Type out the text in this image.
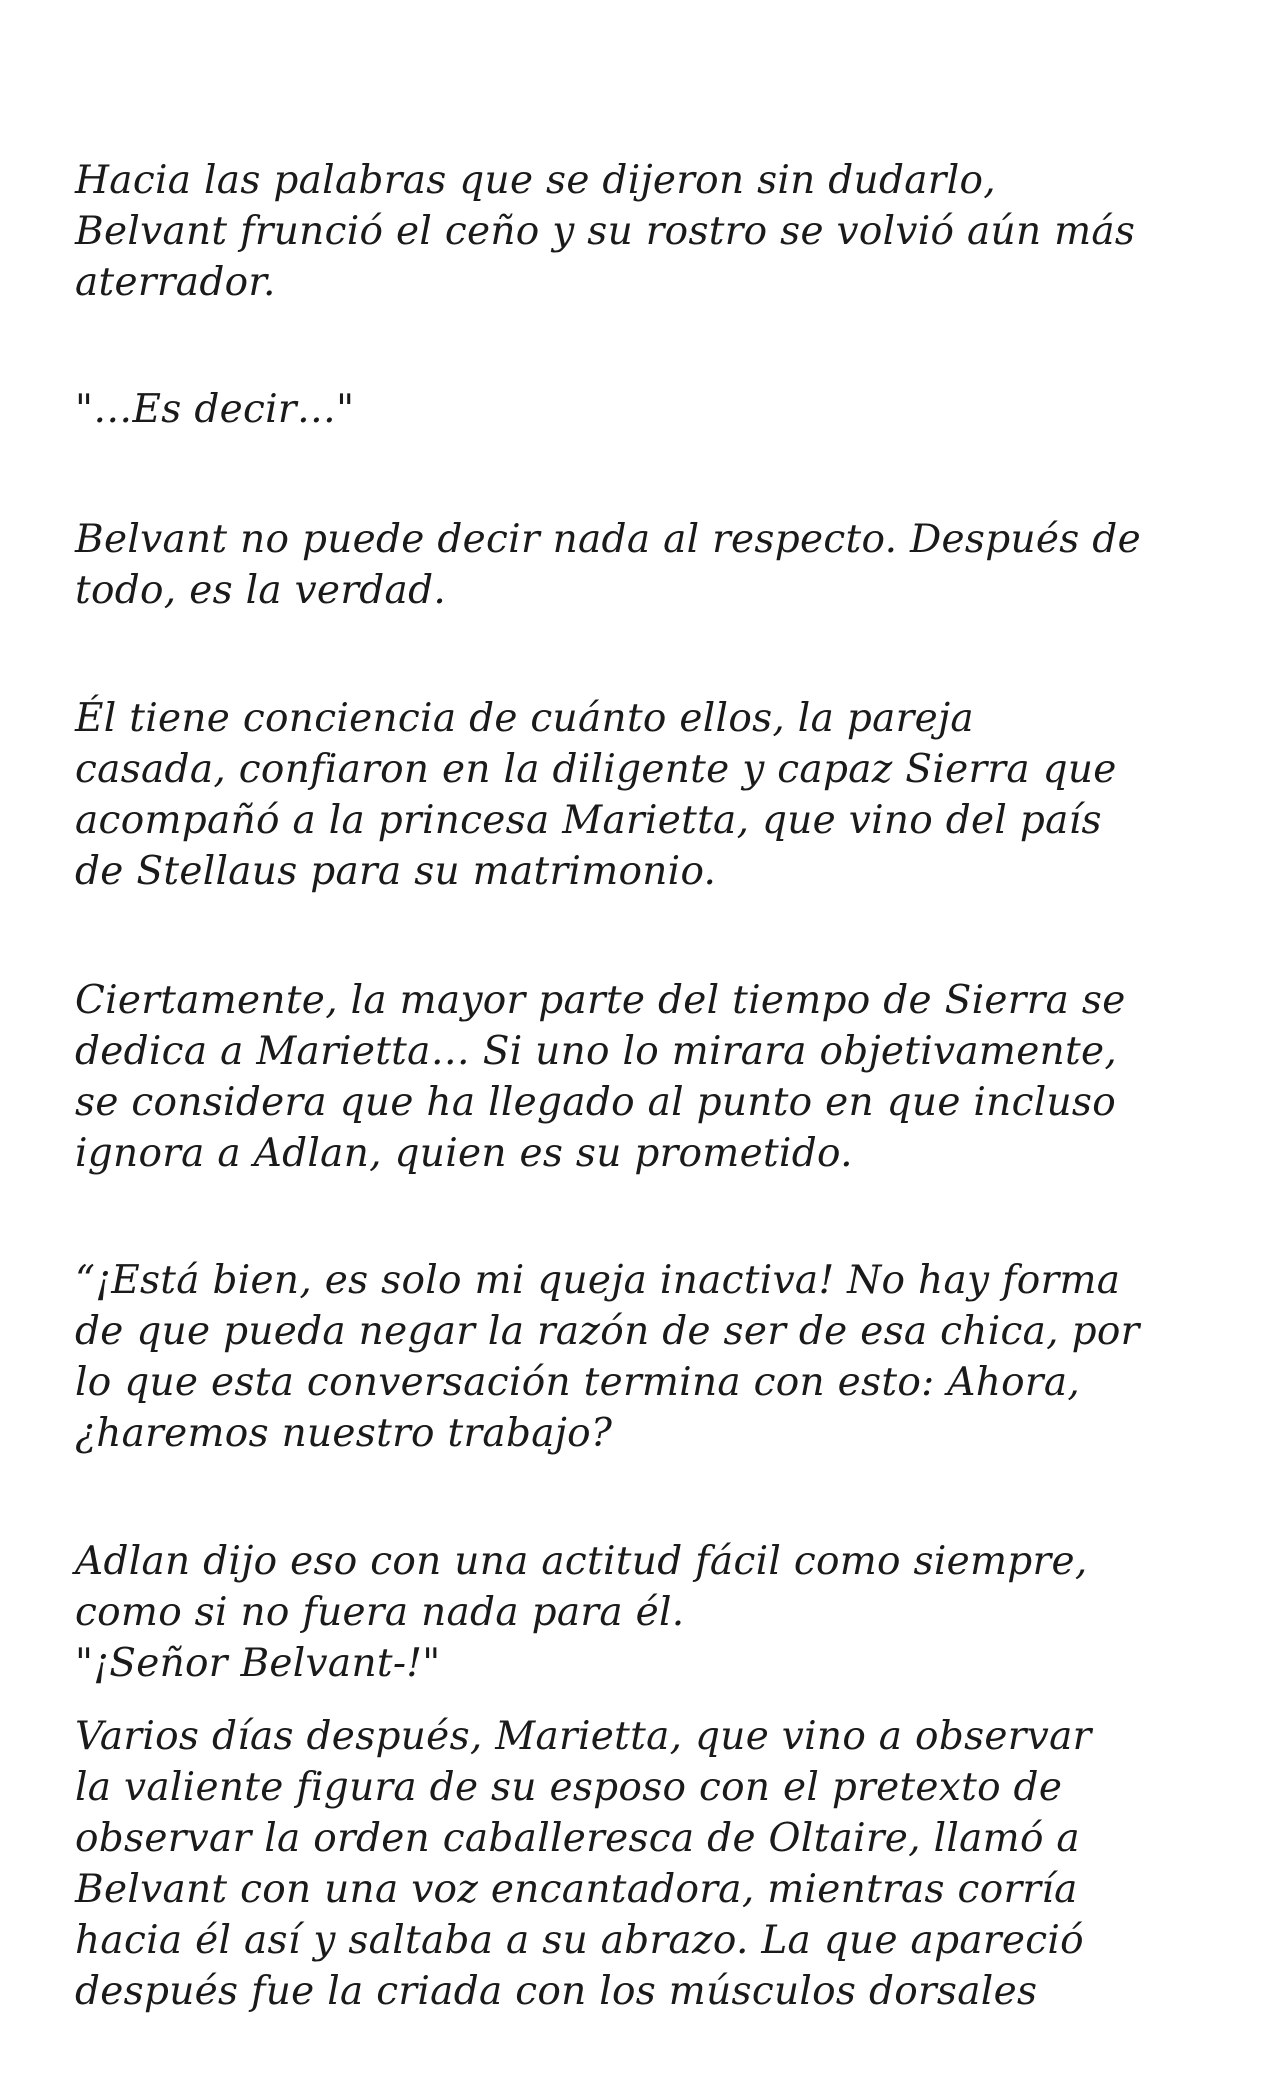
Hacia las palabras que se dijeron sin dudarlo,
Belvant frunció el ceño y su rostro se volvió aún más
aterrador.

"…Es decir…"

Belvant no puede decir nada al respecto. Después de
todo, es la verdad.

Él tiene conciencia de cuánto ellos, la pareja
casada, confiaron en la diligente y capaz Sierra que
acompañó a la princesa Marietta, que vino del país
de Stellaus para su matrimonio.

Ciertamente, la mayor parte del tiempo de Sierra se
dedica a Marietta… Si uno lo mirara objetivamente,
se considera que ha llegado al punto en que incluso
ignora a Adlan, quien es su prometido.

“¡Está bien, es solo mi queja inactiva! No hay forma
de que pueda negar la razón de ser de esa chica, por
lo que esta conversación termina con esto: Ahora,
¿haremos nuestro trabajo?

Adlan dijo eso con una actitud fácil como siempre,
como si no fuera nada para él.
"¡Señor Belvant-!"

Varios días después, Marietta, que vino a observar
la valiente figura de su esposo con el pretexto de
observar la orden caballeresca de Oltaire, llamó a
Belvant con una voz encantadora, mientras corría
hacia él así y saltaba a su abrazo. La que apareció
después fue la criada con los músculos dorsales
